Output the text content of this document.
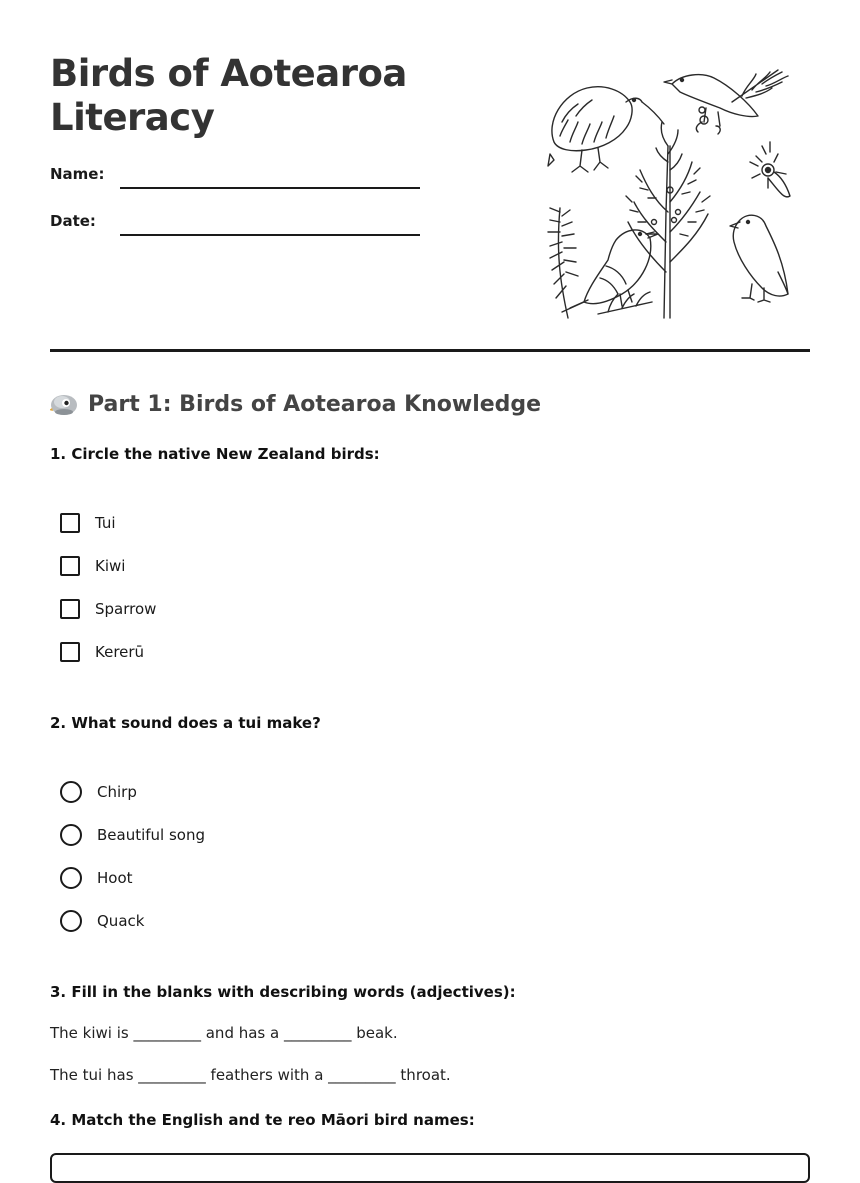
Birds of Aotearoa
Literacy
Name:
Date:
Part 1: Birds of Aotearoa Knowledge
1. Circle the native New Zealand birds:
Tui
Kiwi
Sparrow
Kererū
2. What sound does a tui make?
Chirp
Beautiful song
Hoot
Quack
3. Fill in the blanks with describing words (adjectives):
The kiwi is _________ and has a _________ beak.
The tui has _________ feathers with a _________ throat.
4. Match the English and te reo Māori bird names:
